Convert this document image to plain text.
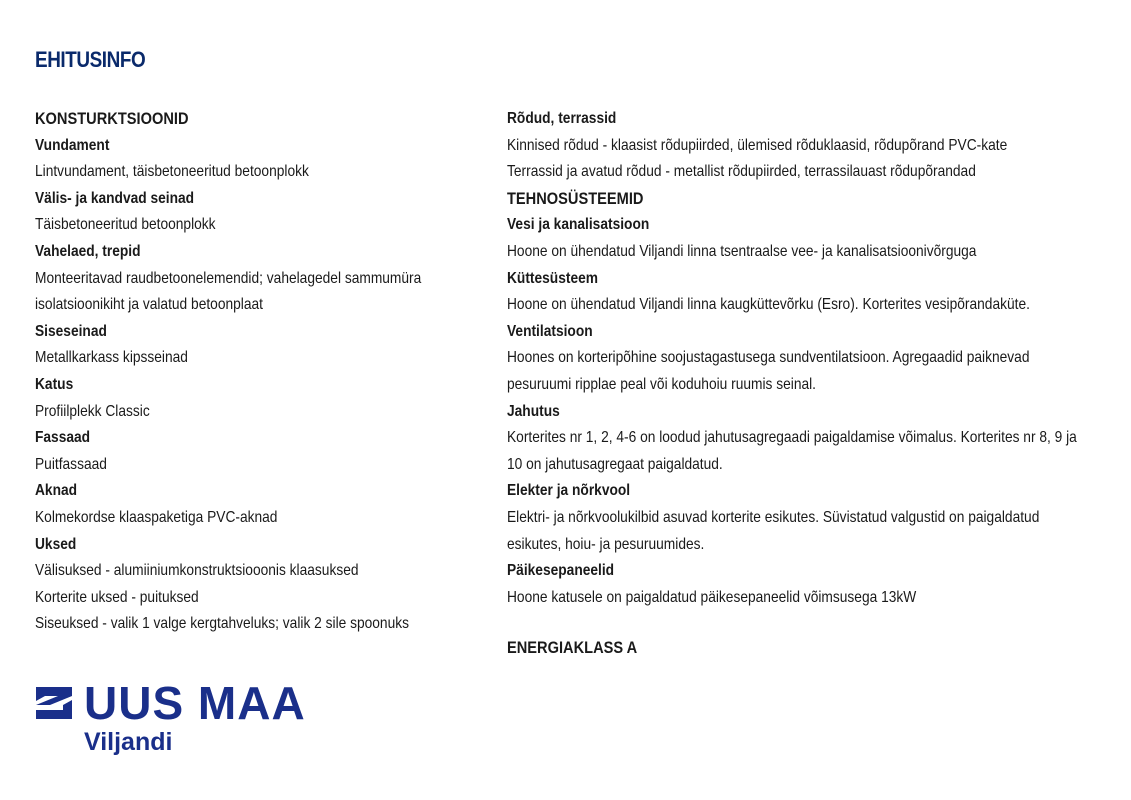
EHITUSINFO
KONSTURKTSIOONID
Vundament
Lintvundament, täisbetoneeritud betoonplokk
Välis- ja kandvad seinad
Täisbetoneeritud betoonplokk
Vahelaed, trepid
Monteeritavad raudbetoonelemendid; vahelagedel sammumüra
isolatsioonikiht ja valatud betoonplaat
Siseseinad
Metallkarkass kipsseinad
Katus
Profiilplekk Classic
Fassaad
Puitfassaad
Aknad
Kolmekordse klaaspaketiga PVC-aknad
Uksed
Välisuksed - alumiiniumkonstruktsiooonis klaasuksed
Korterite uksed - puituksed
Siseuksed - valik 1 valge kergtahveluks; valik 2 sile spoonuks
Rõdud, terrassid
Kinnised rõdud - klaasist rõdupiirded, ülemised rõduklaasid, rõdupõrand PVC-kate
Terrassid ja avatud rõdud - metallist rõdupiirded, terrassilauast rõdupõrandad
TEHNOSÜSTEEMID
Vesi ja kanalisatsioon
Hoone on ühendatud Viljandi linna tsentraalse vee- ja kanalisatsioonivõrguga
Küttesüsteem
Hoone on ühendatud Viljandi linna kaugküttevõrku (Esro). Korterites vesipõrandaküte.
Ventilatsioon
Hoones on korteripõhine soojustagastusega sundventilatsioon. Agregaadid paiknevad
pesuruumi ripplae peal või koduhoiu ruumis seinal.
Jahutus
Korterites nr 1, 2, 4-6 on loodud jahutusagregaadi paigaldamise võimalus. Korterites nr 8, 9 ja
10 on jahutusagregaat paigaldatud.
Elekter ja nõrkvool
Elektri- ja nõrkvoolukilbid asuvad korterite esikutes. Süvistatud valgustid on paigaldatud
esikutes, hoiu- ja pesuruumides.
Päikesepaneelid
Hoone katusele on paigaldatud päikesepaneelid võimsusega 13kW
ENERGIAKLASS A
UUS MAA
Viljandi
